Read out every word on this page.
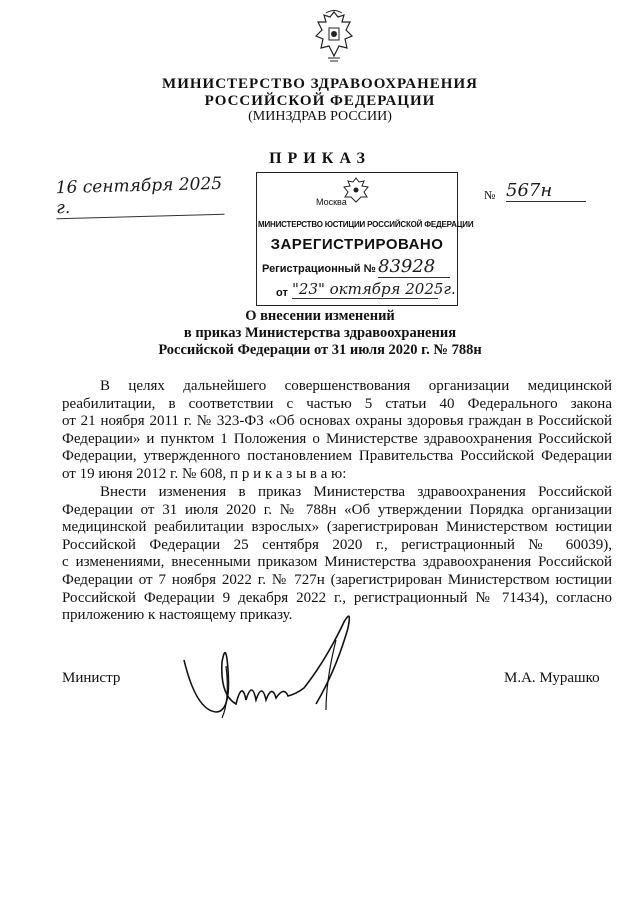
МИНИСТЕРСТВО ЗДРАВООХРАНЕНИЯ
РОССИЙСКОЙ ФЕДЕРАЦИИ
(МИНЗДРАВ РОССИИ)
ПРИКАЗ
16 сентября 2025 г.
№ 567н
Москва
МИНИСТЕРСТВО ЮСТИЦИИ РОССИЙСКОЙ ФЕДЕРАЦИИ
ЗАРЕГИСТРИРОВАНО
Регистрационный № 83928
от "23" октября 2025г.
О внесении изменений
в приказ Министерства здравоохранения
Российской Федерации от 31 июля 2020 г. № 788н
В целях дальнейшего совершенствования организации медицинской
реабилитации, в соответствии с частью 5 статьи 40 Федерального закона
от 21 ноября 2011 г. № 323-ФЗ «Об основах охраны здоровья граждан в Российской
Федерации» и пунктом 1 Положения о Министерстве здравоохранения Российской
Федерации, утвержденного постановлением Правительства Российской Федерации
от 19 июня 2012 г. № 608, п р и к а з ы в а ю:
Внести изменения в приказ Министерства здравоохранения Российской
Федерации от 31 июля 2020 г. № 788н «Об утверждении Порядка организации
медицинской реабилитации взрослых» (зарегистрирован Министерством юстиции
Российской Федерации 25 сентября 2020 г., регистрационный № 60039),
с изменениями, внесенными приказом Министерства здравоохранения Российской
Федерации от 7 ноября 2022 г. № 727н (зарегистрирован Министерством юстиции
Российской Федерации 9 декабря 2022 г., регистрационный № 71434), согласно
приложению к настоящему приказу.
Министр	М.А. Мурашко
